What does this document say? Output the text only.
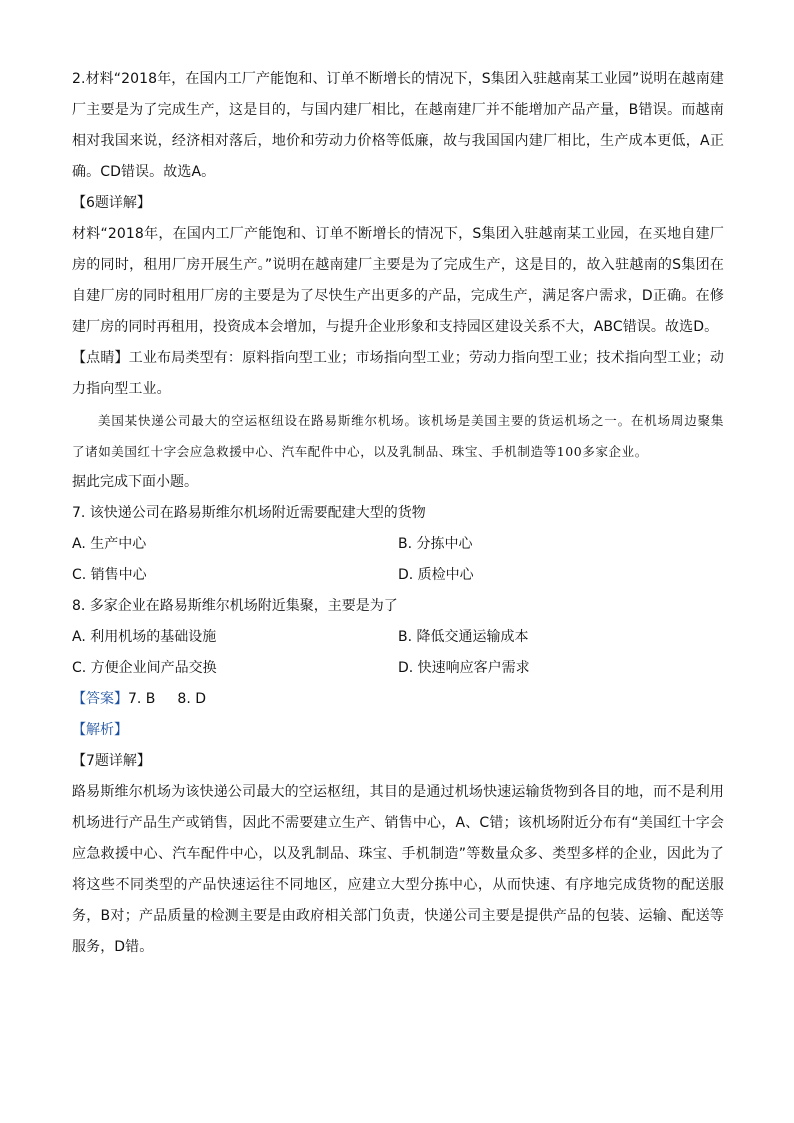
2.材料“2018年，在国内工厂产能饱和、订单不断增长的情况下，S集团入驻越南某工业园”说明在越南建厂主要是为了完成生产，这是目的，与国内建厂相比，在越南建厂并不能增加产品产量，B错误。而越南相对我国来说，经济相对落后，地价和劳动力价格等低廉，故与我国国内建厂相比，生产成本更低，A正确。CD错误。故选A。

【6题详解】

材料“2018年，在国内工厂产能饱和、订单不断增长的情况下，S集团入驻越南某工业园，在买地自建厂房的同时，租用厂房开展生产。”说明在越南建厂主要是为了完成生产，这是目的，故入驻越南的S集团在自建厂房的同时租用厂房的主要是为了尽快生产出更多的产品，完成生产，满足客户需求，D正确。在修建厂房的同时再租用，投资成本会增加，与提升企业形象和支持园区建设关系不大，ABC错误。故选D。

【点睛】工业布局类型有：原料指向型工业；市场指向型工业；劳动力指向型工业；技术指向型工业；动力指向型工业。

美国某快递公司最大的空运枢纽设在路易斯维尔机场。该机场是美国主要的货运机场之一。在机场周边聚集了诸如美国红十字会应急救援中心、汽车配件中心，以及乳制品、珠宝、手机制造等100多家企业。

据此完成下面小题。

7. 该快递公司在路易斯维尔机场附近需要配建大型的货物

A. 生产中心	B. 分拣中心
C. 销售中心	D. 质检中心

8. 多家企业在路易斯维尔机场附近集聚，主要是为了

A. 利用机场的基础设施	B. 降低交通运输成本
C. 方便企业间产品交换	D. 快速响应客户需求
【答案】 7. B 8. D

【解析】

【7题详解】

路易斯维尔机场为该快递公司最大的空运枢纽，其目的是通过机场快速运输货物到各目的地，而不是利用机场进行产品生产或销售，因此不需要建立生产、销售中心，A、C错；该机场附近分布有“美国红十字会应急救援中心、汽车配件中心，以及乳制品、珠宝、手机制造”等数量众多、类型多样的企业，因此为了将这些不同类型的产品快速运往不同地区，应建立大型分拣中心，从而快速、有序地完成货物的配送服务，B对；产品质量的检测主要是由政府相关部门负责，快递公司主要是提供产品的包装、运输、配送等服务，D错。
